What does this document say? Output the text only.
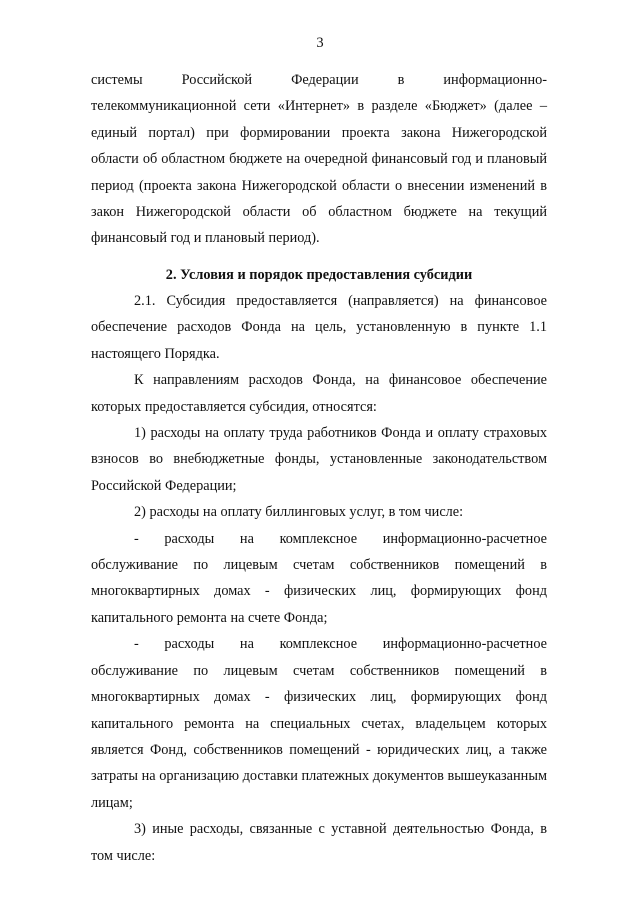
3

системы Российской Федерации в информационно-телекоммуникационной сети «Интернет» в разделе «Бюджет» (далее – единый портал) при формировании проекта закона Нижегородской области об областном бюджете на очередной финансовый год и плановый период (проекта закона Нижегородской области о внесении изменений в закон Нижегородской области об областном бюджете на текущий финансовый год и плановый период).

2. Условия и порядок предоставления субсидии

2.1. Субсидия предоставляется (направляется) на финансовое обеспечение расходов Фонда на цель, установленную в пункте 1.1 настоящего Порядка.

К направлениям расходов Фонда, на финансовое обеспечение которых предоставляется субсидия, относятся:

1) расходы на оплату труда работников Фонда и оплату страховых взносов во внебюджетные фонды, установленные законодательством Российской Федерации;

2) расходы на оплату биллинговых услуг, в том числе:

- расходы на комплексное информационно-расчетное обслуживание по лицевым счетам собственников помещений в многоквартирных домах - физических лиц, формирующих фонд капитального ремонта на счете Фонда;

- расходы на комплексное информационно-расчетное обслуживание по лицевым счетам собственников помещений в многоквартирных домах - физических лиц, формирующих фонд капитального ремонта на специальных счетах, владельцем которых является Фонд, собственников помещений - юридических лиц, а также затраты на организацию доставки платежных документов вышеуказанным лицам;

3) иные расходы, связанные с уставной деятельностью Фонда, в том числе:
